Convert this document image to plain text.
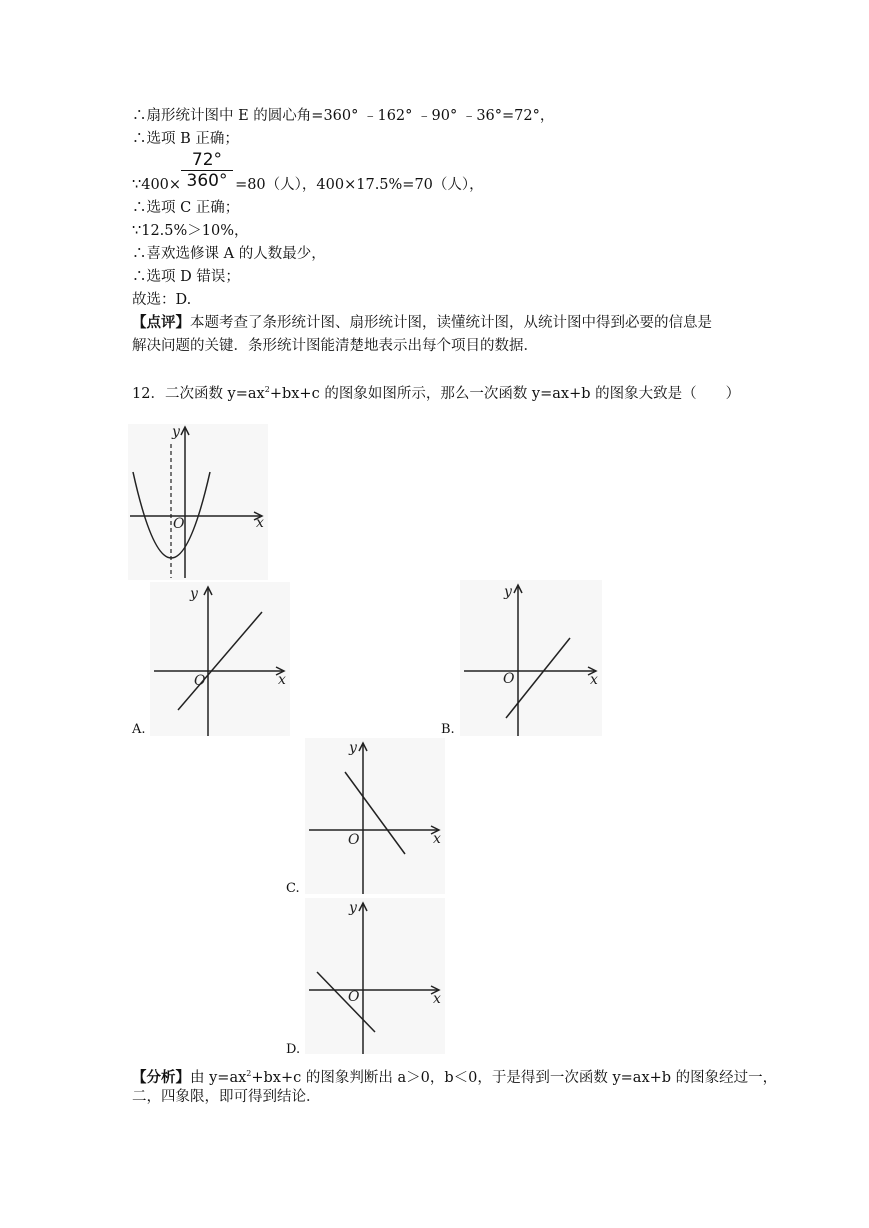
∴扇形统计图中 E 的圆心角=360° ﹣162° ﹣90° ﹣36°=72°，
∴选项 B 正确；
$\frac{72^\circ}{360^\circ}$
∵400×	=80（人），400×17.5%=70（人），
∴选项 C 正确；
∵12.5%＞10%，
∴喜欢选修课 A 的人数最少，
∴选项 D 错误；
故选：D.
【点评】本题考查了条形统计图、扇形统计图，读懂统计图，从统计图中得到必要的信息是
解决问题的关键．条形统计图能清楚地表示出每个项目的数据．
12．二次函数 $y=ax^2+bx+c$ 的图象如图所示，那么一次函数 y=ax+b 的图象大致是（　　）
y
x
O
A.
y
x
O
B.
y
x
O
C.
y
x
O
D.
y
x
O
【分析】由 $y=ax^2+bx+c$ 的图象判断出 a＞0，b＜0，于是得到一次函数 y=ax+b 的图象经过一，
二，四象限，即可得到结论．
